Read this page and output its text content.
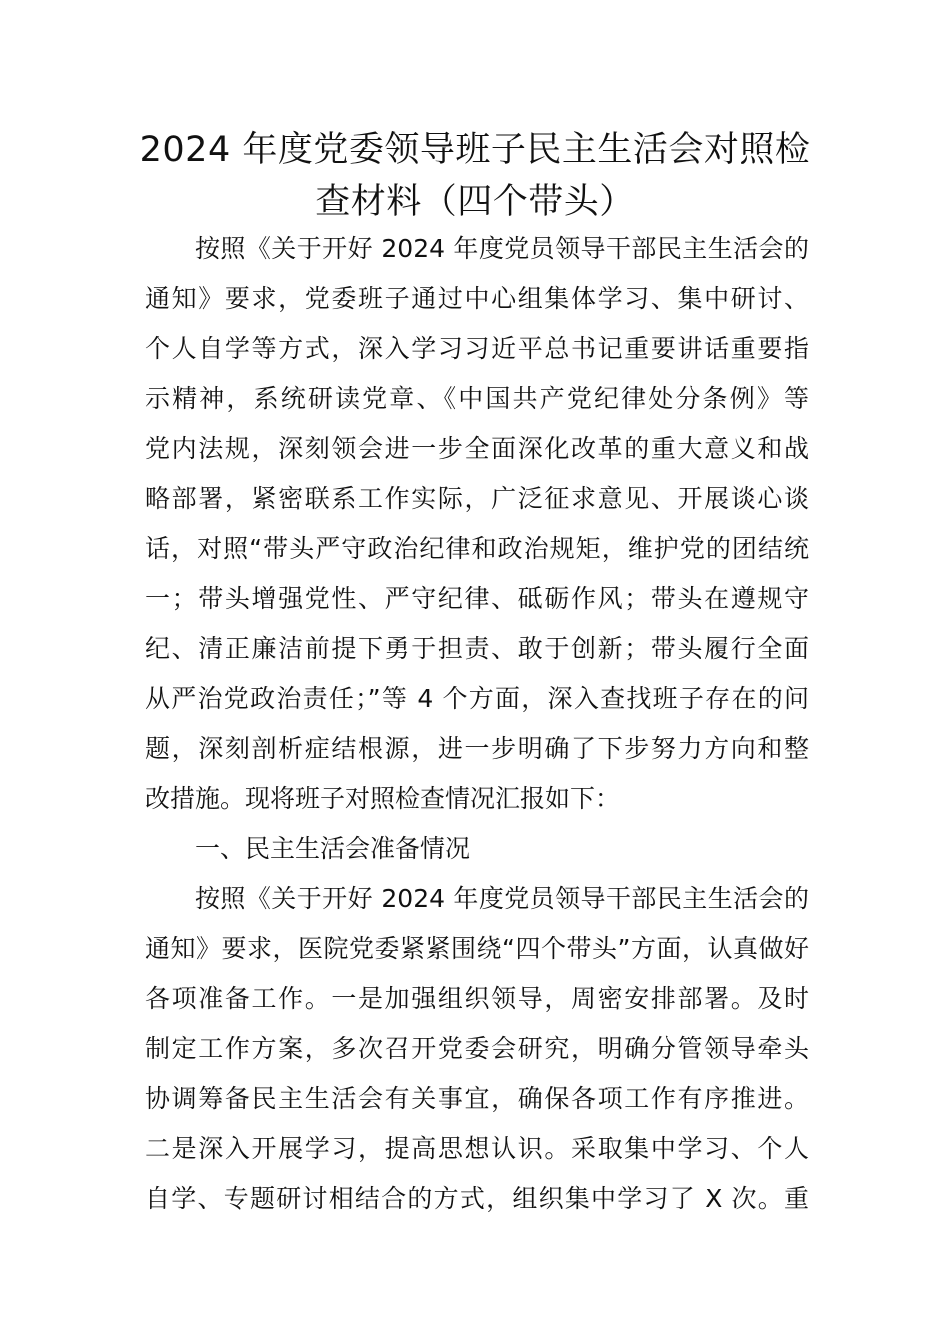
2024 年度党委领导班子民主生活会对照检
查材料（四个带头）

按照《关于开好 2024 年度党员领导干部民主生活会的

通知》要求，党委班子通过中心组集体学习、集中研讨、

个人自学等方式，深入学习习近平总书记重要讲话重要指

示精神，系统研读党章、《中国共产党纪律处分条例》等

党内法规，深刻领会进一步全面深化改革的重大意义和战

略部署，紧密联系工作实际，广泛征求意见、开展谈心谈

话，对照“带头严守政治纪律和政治规矩，维护党的团结统

一；带头增强党性、严守纪律、砥砺作风；带头在遵规守

纪、清正廉洁前提下勇于担责、敢于创新；带头履行全面

从严治党政治责任；”等 4 个方面，深入查找班子存在的问

题，深刻剖析症结根源，进一步明确了下步努力方向和整

改措施。现将班子对照检查情况汇报如下：

一、民主生活会准备情况

按照《关于开好 2024 年度党员领导干部民主生活会的

通知》要求，医院党委紧紧围绕“四个带头”方面，认真做好

各项准备工作。一是加强组织领导，周密安排部署。及时

制定工作方案，多次召开党委会研究，明确分管领导牵头

协调筹备民主生活会有关事宜，确保各项工作有序推进。

二是深入开展学习，提高思想认识。采取集中学习、个人

自学、专题研讨相结合的方式，组织集中学习了 X 次。重
